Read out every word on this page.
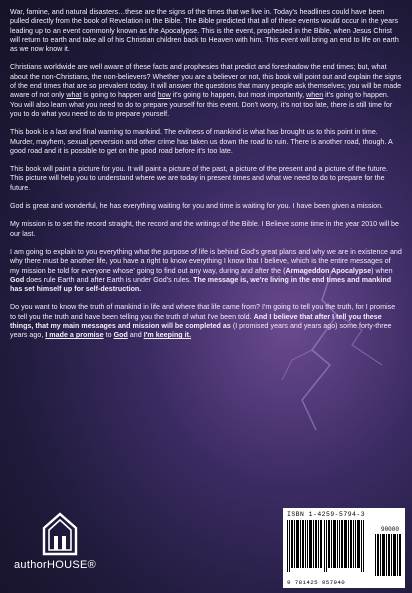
War, famine, and natural disasters…these are the signs of the times that we live in. Today's headlines could have been pulled directly from the book of Revelation in the Bible. The Bible predicted that all of these events would occur in the years leading up to an event commonly known as the Apocalypse. This is the event, prophesied in the Bible, when Jesus Christ will return to earth and take all of his Christian children back to Heaven with him. This event will bring an end to life on earth as we now know it.

Christians worldwide are well aware of these facts and prophesies that predict and foreshadow the end times; but, what about the non-Christians, the non-believers? Whether you are a believer or not, this book will point out and explain the signs of the end times that are so prevalent today. It will answer the questions that many people ask themselves; you will be made aware of not only what is going to happen and how it's going to happen, but most importantly, when it's going to happen. You will also learn what you need to do to prepare yourself for this event. Don't worry, it's not too late, there is still time for you to do what you need to do to prepare yourself.

This book is a last and final warning to mankind. The evilness of mankind is what has brought us to this point in time. Murder, mayhem, sexual perversion and other crime has taken us down the road to ruin. There is another road, though. A good road and it is possible to get on the good road before it's too late.

This book will paint a picture for you. It will paint a picture of the past, a picture of the present and a picture of the future. This picture will help you to understand where we are today in present times and what we need to do to prepare for the future.

God is great and wonderful, he has everything waiting for you and time is waiting for you. I have been given a mission.

My mission is to set the record straight, the record and the writings of the Bible. I Believe some time in the year 2010 will be our last.

I am going to explain to you everything what the purpose of life is behind God's great plans and why we are in existence and why there must be another life, you have a right to know everything I know that I believe, which is the entire messages of my mission be told for everyone whose' going to find out any way, during and after the (Armageddon Apocalypse) when God does rule Earth and after Earth is under God's rules. The message is, we're living in the end times and mankind has set himself up for self-destruction.

Do you want to know the truth of mankind in life and where that life came from? I'm going to tell you the truth, for I promise to tell you the truth and have been telling you the truth of what I've been told. And I believe that after I tell you these things, that my main messages and mission will be completed as (I promised years and years ago) some forty-three years ago, I made a promise to God and I'm keeping it.

authorHOUSE®
ISBN 1-4259-5794-3
90000
9 781425 957940
